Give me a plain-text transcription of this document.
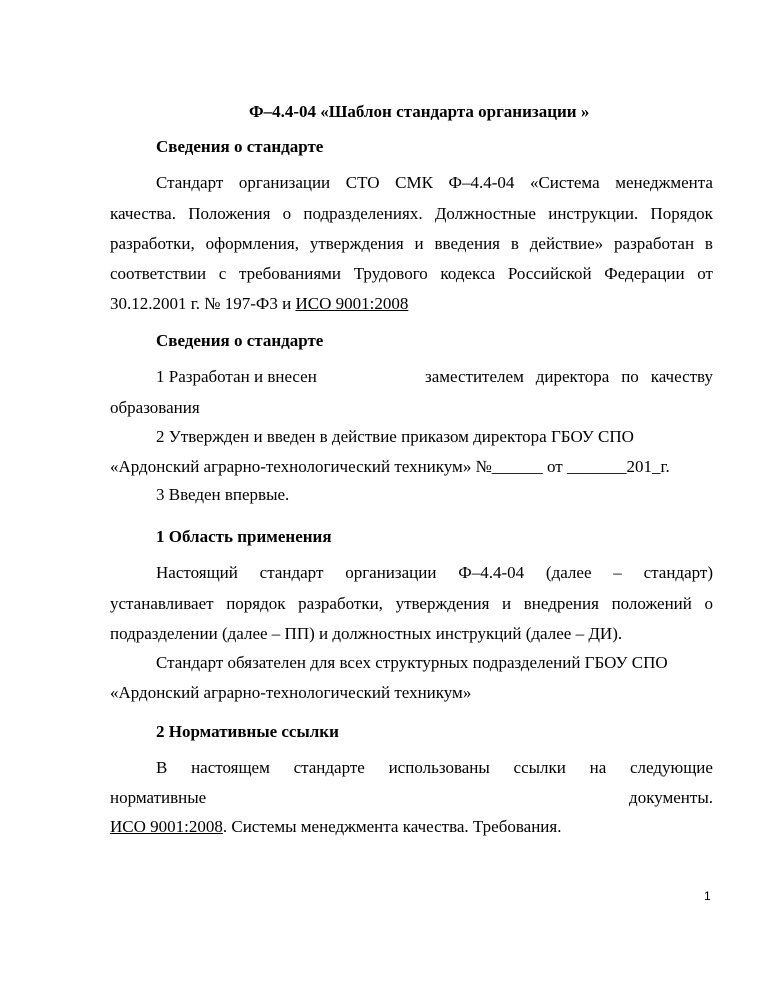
Ф–4.4-04 «Шаблон стандарта организации »
Сведения о стандарте
Стандарт организации СТО СМК Ф–4.4-04 «Система менеджмента
качества. Положения о подразделениях. Должностные инструкции. Порядок
разработки, оформления, утверждения и введения в действие» разработан в
соответствии с требованиями Трудового кодекса Российской Федерации от
30.12.2001 г. № 197-Ф3 и ИСО 9001:2008
Сведения о стандарте
1 Разработан и внесен	заместителем директора по качеству
образования
2 Утвержден и введен в действие приказом директора ГБОУ СПО
«Ардонский аграрно-технологический техникум» №______ от _______201_г.
3 Введен впервые.
1 Область применения
Настоящий стандарт организации Ф–4.4-04 (далее – стандарт)
устанавливает порядок разработки, утверждения и внедрения положений о
подразделении (далее – ПП) и должностных инструкций (далее – ДИ).
Стандарт обязателен для всех структурных подразделений ГБОУ СПО
«Ардонский аграрно-технологический техникум»
2 Нормативные ссылки
В настоящем стандарте использованы ссылки на следующие
нормативные	документы.
ИСО 9001:2008. Системы менеджмента качества. Требования.
1
